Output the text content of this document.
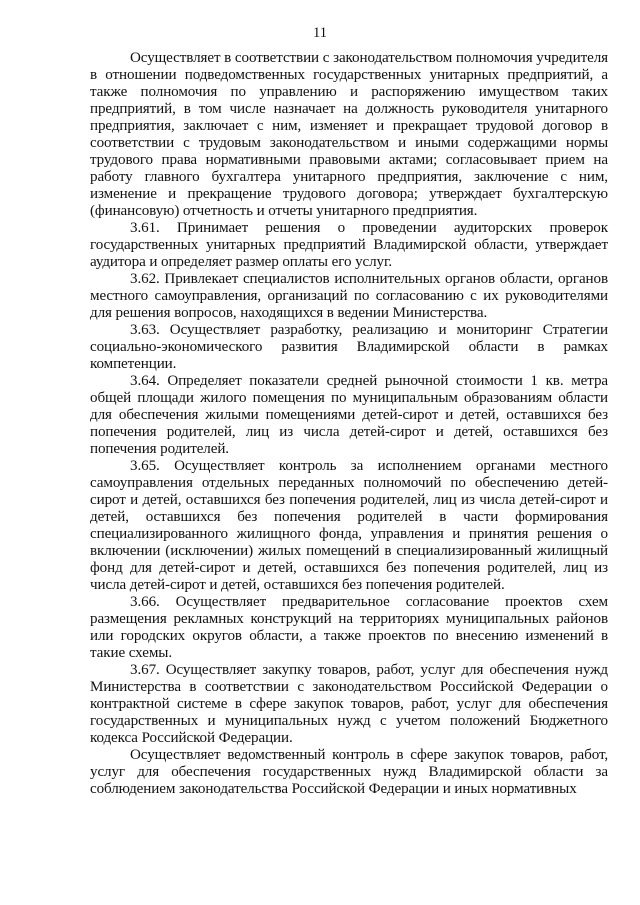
11

Осуществляет в соответствии с законодательством полномочия учредителя в отношении подведомственных государственных унитарных предприятий, а также полномочия по управлению и распоряжению имуществом таких предприятий, в том числе назначает на должность руководителя унитарного предприятия, заключает с ним, изменяет и прекращает трудовой договор в соответствии с трудовым законодательством и иными содержащими нормы трудового права нормативными правовыми актами; согласовывает прием на работу главного бухгалтера унитарного предприятия, заключение с ним, изменение и прекращение трудового договора; утверждает бухгалтерскую (финансовую) отчетность и отчеты унитарного предприятия.

3.61. Принимает решения о проведении аудиторских проверок государственных унитарных предприятий Владимирской области, утверждает аудитора и определяет размер оплаты его услуг.

3.62. Привлекает специалистов исполнительных органов области, органов местного самоуправления, организаций по согласованию с их руководителями для решения вопросов, находящихся в ведении Министерства.

3.63. Осуществляет разработку, реализацию и мониторинг Стратегии социально-экономического развития Владимирской области в рамках компетенции.

3.64. Определяет показатели средней рыночной стоимости 1 кв. метра общей площади жилого помещения по муниципальным образованиям области для обеспечения жилыми помещениями детей-сирот и детей, оставшихся без попечения родителей, лиц из числа детей-сирот и детей, оставшихся без попечения родителей.

3.65. Осуществляет контроль за исполнением органами местного самоуправления отдельных переданных полномочий по обеспечению детей-сирот и детей, оставшихся без попечения родителей, лиц из числа детей-сирот и детей, оставшихся без попечения родителей в части формирования специализированного жилищного фонда, управления и принятия решения о включении (исключении) жилых помещений в специализированный жилищный фонд для детей-сирот и детей, оставшихся без попечения родителей, лиц из числа детей-сирот и детей, оставшихся без попечения родителей.

3.66. Осуществляет предварительное согласование проектов схем размещения рекламных конструкций на территориях муниципальных районов или городских округов области, а также проектов по внесению изменений в такие схемы.

3.67. Осуществляет закупку товаров, работ, услуг для обеспечения нужд Министерства в соответствии с законодательством Российской Федерации о контрактной системе в сфере закупок товаров, работ, услуг для обеспечения государственных и муниципальных нужд с учетом положений Бюджетного кодекса Российской Федерации.

Осуществляет ведомственный контроль в сфере закупок товаров, работ, услуг для обеспечения государственных нужд Владимирской области за соблюдением законодательства Российской Федерации и иных нормативных
